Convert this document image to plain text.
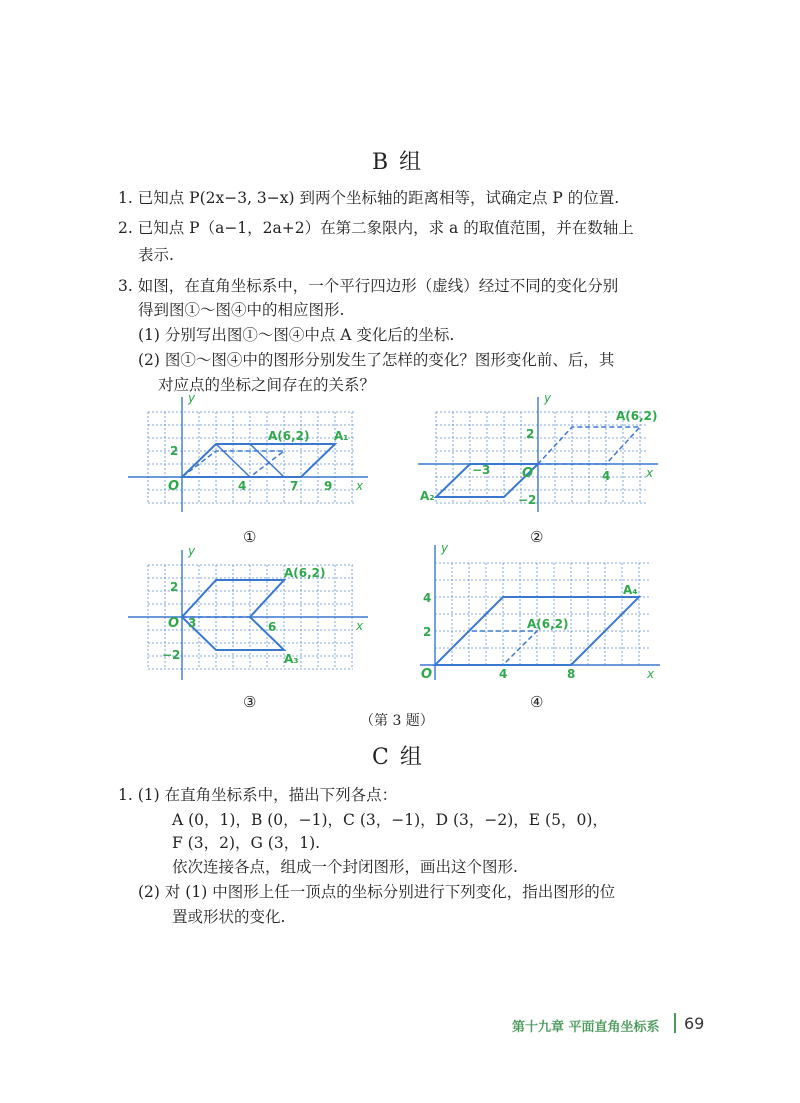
B 组
1. 已知点 P(2x−3, 3−x) 到两个坐标轴的距离相等，试确定点 P 的位置.
2. 已知点 P（a−1，2a+2）在第二象限内，求 a 的取值范围，并在数轴上
表示.
3. 如图，在直角坐标系中，一个平行四边形（虚线）经过不同的变化分别
得到图①～图④中的相应图形.
(1) 分别写出图①～图④中点 A 变化后的坐标.
(2) 图①～图④中的图形分别发生了怎样的变化？图形变化前、后，其
对应点的坐标之间存在的关系？
y
x
O
2
4	7 9
A(6,2) A₁
①
y
x
O
2
−2
−3	4
A(6,2)
A₂
②
y
x
O
2
−2
3	6
A(6,2)
A₃
③
y
x
O
2
4
4	8
A(6,2)
A₄
④
（第 3 题）
C 组
1. (1) 在直角坐标系中，描出下列各点：
A (0，1)，B (0，−1)，C (3，−1)，D (3，−2)，E (5，0)，
F (3，2)，G (3，1).
依次连接各点，组成一个封闭图形，画出这个图形.
(2) 对 (1) 中图形上任一顶点的坐标分别进行下列变化，指出图形的位
置或形状的变化.
第十九章 平面直角坐标系 69
